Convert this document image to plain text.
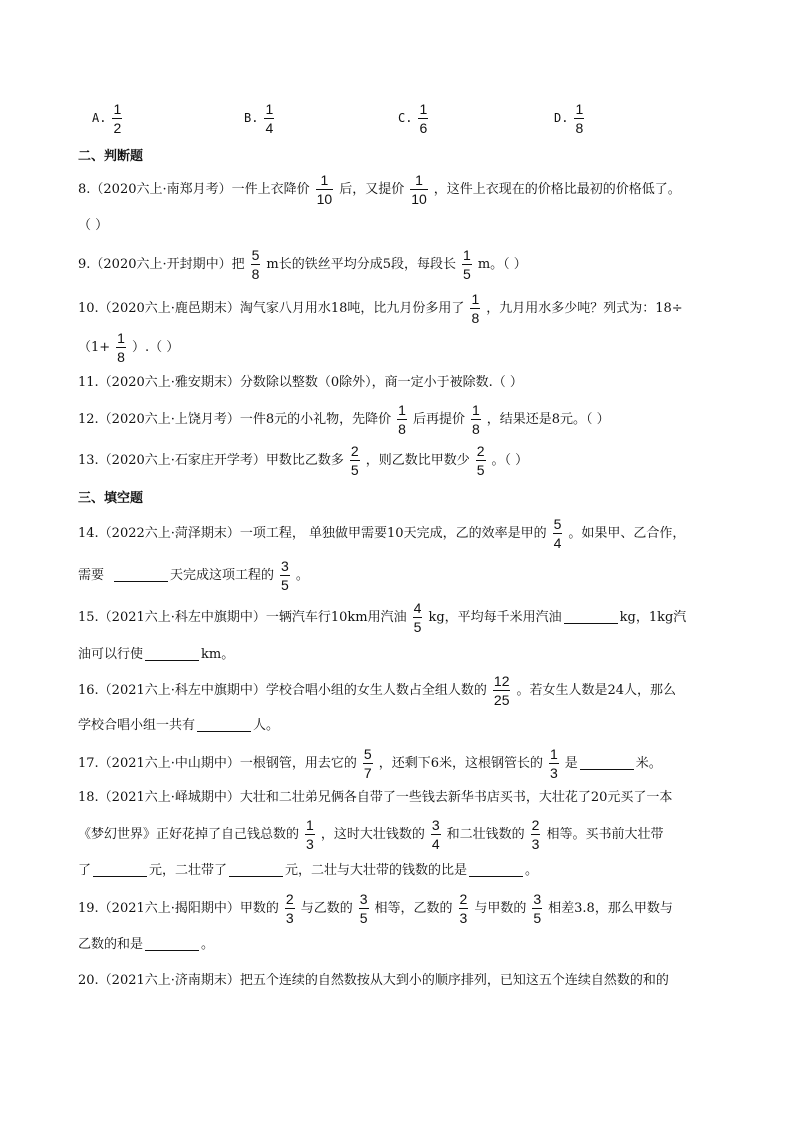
A. $\frac{1}{2}$	B. $\frac{1}{4}$	C. $\frac{1}{6}$	D. $\frac{1}{8}$
二、判断题
8.（2020六上·南郑月考）一件上衣降价 $\frac{1}{10}$ 后，又提价 $\frac{1}{10}$ ，这件上衣现在的价格比最初的价格低了。
（ ）
9.（2020六上·开封期中）把 $\frac{5}{8}$ m长的铁丝平均分成5段，每段长 $\frac{1}{5}$ m。（ ）
10.（2020六上·鹿邑期末）淘气家八月用水18吨，比九月份多用了 $\frac{1}{8}$ ，九月用水多少吨？列式为：18÷
（$1+ \frac{1}{8}$ ）.（ ）
11.（2020六上·雅安期末）分数除以整数（0除外），商一定小于被除数.（ ）
12.（2020六上·上饶月考）一件8元的小礼物，先降价 $\frac{1}{8}$ 后再提价 $\frac{1}{8}$ ，结果还是8元。（ ）
13.（2020六上·石家庄开学考）甲数比乙数多 $\frac{2}{5}$ ，则乙数比甲数少 $\frac{2}{5}$ 。（ ）
三、填空题
14.（2022六上·菏泽期末）一项工程， 单独做甲需要10天完成，乙的效率是甲的 $\frac{5}{4}$ 。如果甲、乙合作，
需要	天完成这项工程的 $\frac{3}{5}$ 。
15.（2021六上·科左中旗期中）一辆汽车行10km用汽油 $\frac{4}{5}$ kg，平均每千米用汽油	kg，1kg汽
油可以行使	km。
16.（2021六上·科左中旗期中）学校合唱小组的女生人数占全组人数的 $\frac{12}{25}$ 。若女生人数是24人，那么
学校合唱小组一共有	人。
17.（2021六上·中山期中）一根钢管，用去它的 $\frac{5}{7}$ ，还剩下6米，这根钢管长的 $\frac{1}{3}$ 是	米。
18.（2021六上·峄城期中）大壮和二壮弟兄俩各自带了一些钱去新华书店买书，大壮花了20元买了一本
《梦幻世界》正好花掉了自己钱总数的 $\frac{1}{3}$ ，这时大壮钱数的 $\frac{3}{4}$ 和二壮钱数的 $\frac{2}{3}$ 相等。买书前大壮带
了	元，二壮带了	元，二壮与大壮带的钱数的比是	。
19.（2021六上·揭阳期中）甲数的 $\frac{2}{3}$ 与乙数的 $\frac{3}{5}$ 相等，乙数的 $\frac{2}{3}$ 与甲数的 $\frac{3}{5}$ 相差3.8，那么甲数与
乙数的和是	。
20.（2021六上·济南期末）把五个连续的自然数按从大到小的顺序排列，已知这五个连续自然数的和的
